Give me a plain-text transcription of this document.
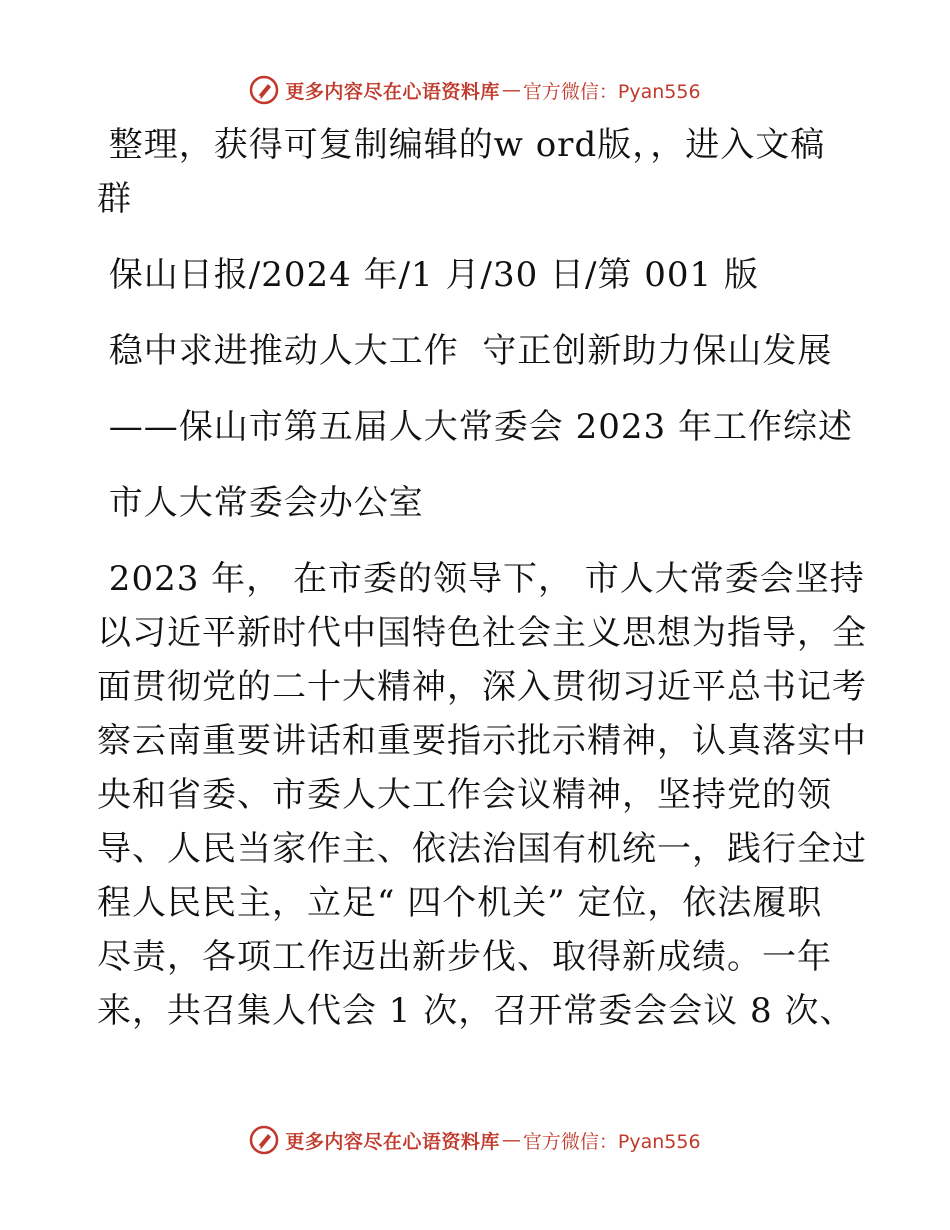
更多内容尽在心语资料库 — 官方微信：Pyan556
整理，获得可复制编辑的w ord版，，进入文稿
群
保山日报/2024 年/1 月/30 日/第 001 版
稳中求进推动人大工作  守正创新助力保山发展
——保山市第五届人大常委会 2023 年工作综述
市人大常委会办公室
2023 年， 在市委的领导下， 市人大常委会坚持
以习近平新时代中国特色社会主义思想为指导，全
面贯彻党的二十大精神，深入贯彻习近平总书记考
察云南重要讲话和重要指示批示精神，认真落实中
央和省委、市委人大工作会议精神，坚持党的领
导、人民当家作主、依法治国有机统一，践行全过
程人民民主，立足“ 四个机关” 定位，依法履职
尽责，各项工作迈出新步伐、取得新成绩。一年
来，共召集人代会 1 次，召开常委会会议 8 次、
更多内容尽在心语资料库 — 官方微信：Pyan556
